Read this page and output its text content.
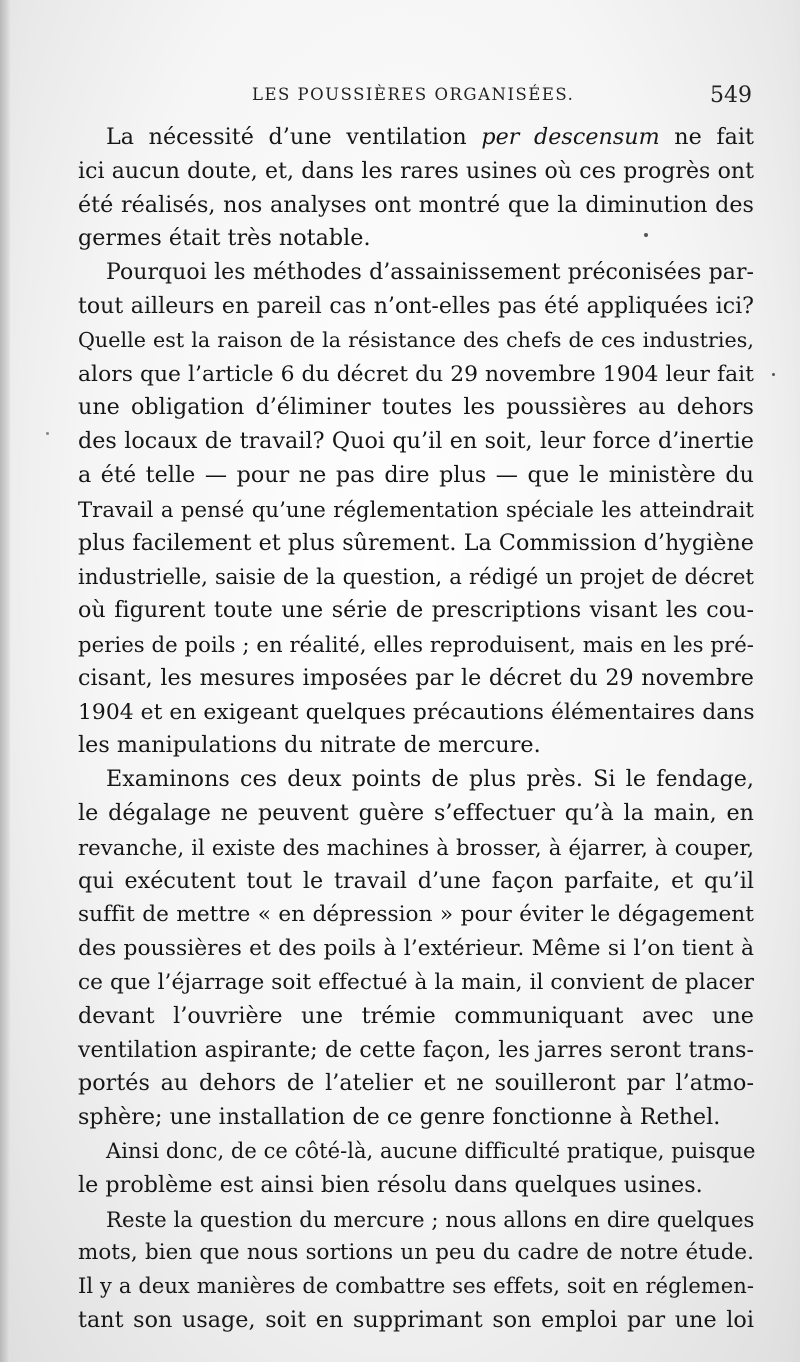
LES POUSSIÈRES ORGANISÉES.	549
La nécessité d’une ventilation per descensum ne fait
ici aucun doute, et, dans les rares usines où ces progrès ont
été réalisés, nos analyses ont montré que la diminution des
germes était très notable.
Pourquoi les méthodes d’assainissement préconisées par-
tout ailleurs en pareil cas n’ont-elles pas été appliquées ici?
Quelle est la raison de la résistance des chefs de ces industries,
alors que l’article 6 du décret du 29 novembre 1904 leur fait
une obligation d’éliminer toutes les poussières au dehors
des locaux de travail? Quoi qu’il en soit, leur force d’inertie
a été telle — pour ne pas dire plus — que le ministère du
Travail a pensé qu’une réglementation spéciale les atteindrait
plus facilement et plus sûrement. La Commission d’hygiène
industrielle, saisie de la question, a rédigé un projet de décret
où figurent toute une série de prescriptions visant les cou-
peries de poils ; en réalité, elles reproduisent, mais en les pré-
cisant, les mesures imposées par le décret du 29 novembre
1904 et en exigeant quelques précautions élémentaires dans
les manipulations du nitrate de mercure.
Examinons ces deux points de plus près. Si le fendage,
le dégalage ne peuvent guère s’effectuer qu’à la main, en
revanche, il existe des machines à brosser, à éjarrer, à couper,
qui exécutent tout le travail d’une façon parfaite, et qu’il
suffit de mettre « en dépression » pour éviter le dégagement
des poussières et des poils à l’extérieur. Même si l’on tient à
ce que l’éjarrage soit effectué à la main, il convient de placer
devant l’ouvrière une trémie communiquant avec une
ventilation aspirante; de cette façon, les jarres seront trans-
portés au dehors de l’atelier et ne souilleront par l’atmo-
sphère; une installation de ce genre fonctionne à Rethel.
Ainsi donc, de ce côté-là, aucune difficulté pratique, puisque
le problème est ainsi bien résolu dans quelques usines.
Reste la question du mercure ; nous allons en dire quelques
mots, bien que nous sortions un peu du cadre de notre étude.
Il y a deux manières de combattre ses effets, soit en réglemen-
tant son usage, soit en supprimant son emploi par une loi
